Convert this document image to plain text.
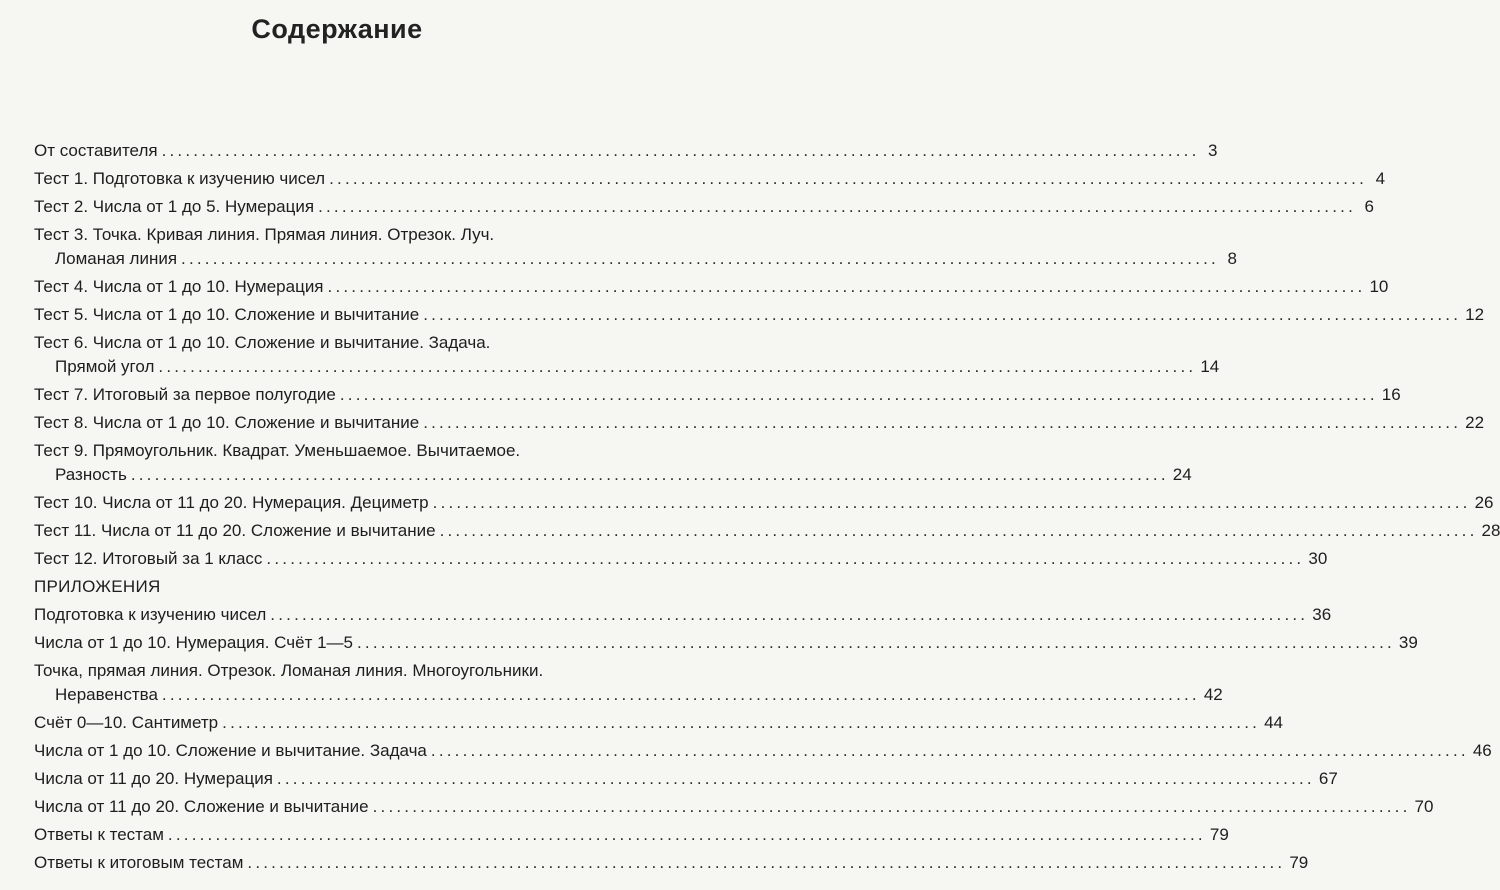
Содержание
От составителя ................................................................................................................................... 3
Тест 1. Подготовка к изучению чисел ................................................................................................................................... 4
Тест 2. Числа от 1 до 5. Нумерация ................................................................................................................................... 6
Тест 3. Точка. Кривая линия. Прямая линия. Отрезок. Луч.
Ломаная линия ................................................................................................................................... 8
Тест 4. Числа от 1 до 10. Нумерация ................................................................................................................................... 10
Тест 5. Числа от 1 до 10. Сложение и вычитание ................................................................................................................................... 12
Тест 6. Числа от 1 до 10. Сложение и вычитание. Задача.
Прямой угол ................................................................................................................................... 14
Тест 7. Итоговый за первое полугодие ................................................................................................................................... 16
Тест 8. Числа от 1 до 10. Сложение и вычитание ................................................................................................................................... 22
Тест 9. Прямоугольник. Квадрат. Уменьшаемое. Вычитаемое.
Разность ................................................................................................................................... 24
Тест 10. Числа от 11 до 20. Нумерация. Дециметр ................................................................................................................................... 26
Тест 11. Числа от 11 до 20. Сложение и вычитание ................................................................................................................................... 28
Тест 12. Итоговый за 1 класс ................................................................................................................................... 30
ПРИЛОЖЕНИЯ
Подготовка к изучению чисел ................................................................................................................................... 36
Числа от 1 до 10. Нумерация. Счёт 1—5 ................................................................................................................................... 39
Точка, прямая линия. Отрезок. Ломаная линия. Многоугольники.
Неравенства ................................................................................................................................... 42
Счёт 0—10. Сантиметр ................................................................................................................................... 44
Числа от 1 до 10. Сложение и вычитание. Задача ................................................................................................................................... 46
Числа от 11 до 20. Нумерация ................................................................................................................................... 67
Числа от 11 до 20. Сложение и вычитание ................................................................................................................................... 70
Ответы к тестам ................................................................................................................................... 79
Ответы к итоговым тестам ................................................................................................................................... 79
